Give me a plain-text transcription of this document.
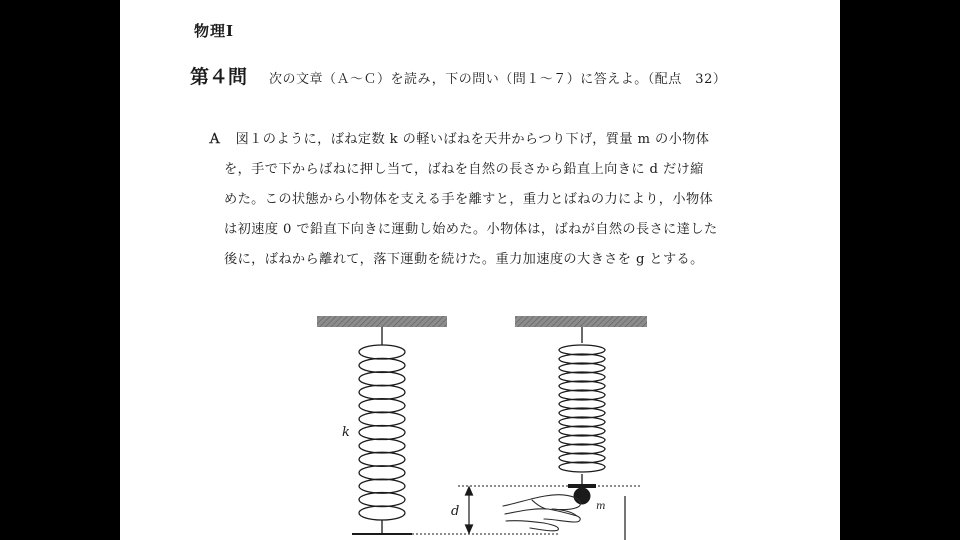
物理Ⅰ
第４問 次の文章（Ａ〜Ｃ）を読み，下の問い（問１〜７）に答えよ。（配点　32）
Ａ 図１のように，ばね定数 k の軽いばねを天井からつり下げ，質量 m の小物体
を，手で下からばねに押し当て，ばねを自然の長さから鉛直上向きに d だけ縮
めた。この状態から小物体を支える手を離すと，重力とばねの力により，小物体
は初速度 0 で鉛直下向きに運動し始めた。小物体は，ばねが自然の長さに達した
後に，ばねから離れて，落下運動を続けた。重力加速度の大きさを g とする。
k
d	m
